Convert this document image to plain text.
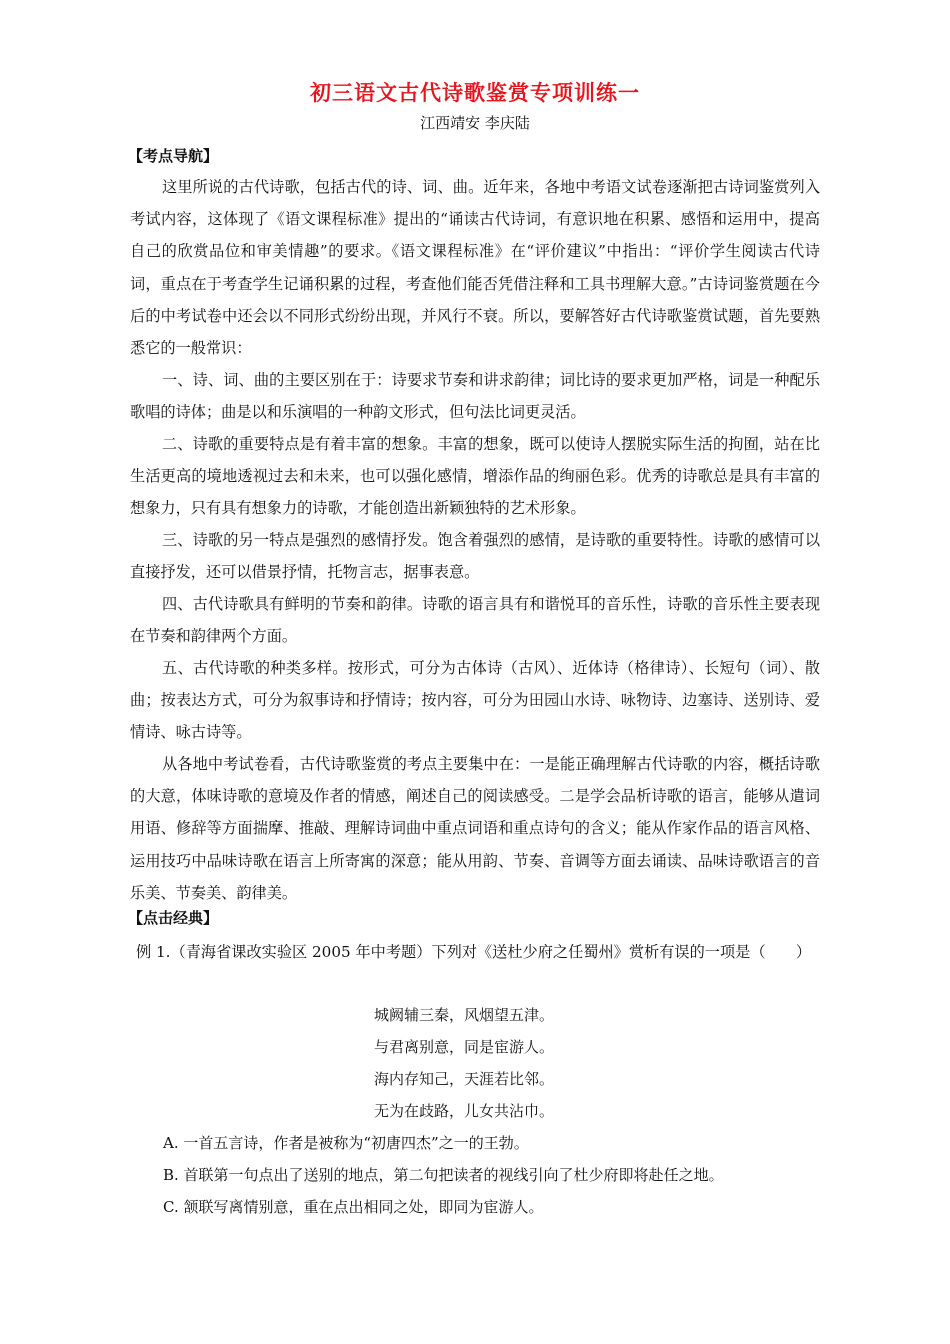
初三语文古代诗歌鉴赏专项训练一
江西靖安 李庆陆
【考点导航】

这里所说的古代诗歌，包括古代的诗、词、曲。近年来，各地中考语文试卷逐渐把古诗词鉴赏列入考试内容，这体现了《语文课程标准》提出的“诵读古代诗词，有意识地在积累、感悟和运用中，提高自己的欣赏品位和审美情趣”的要求。《语文课程标准》在“评价建议”中指出：“评价学生阅读古代诗词，重点在于考查学生记诵积累的过程，考查他们能否凭借注释和工具书理解大意。”古诗词鉴赏题在今后的中考试卷中还会以不同形式纷纷出现，并风行不衰。所以，要解答好古代诗歌鉴赏试题，首先要熟悉它的一般常识：

一、诗、词、曲的主要区别在于：诗要求节奏和讲求韵律；词比诗的要求更加严格，词是一种配乐歌唱的诗体；曲是以和乐演唱的一种韵文形式，但句法比词更灵活。

二、诗歌的重要特点是有着丰富的想象。丰富的想象，既可以使诗人摆脱实际生活的拘囿，站在比生活更高的境地透视过去和未来，也可以强化感情，增添作品的绚丽色彩。优秀的诗歌总是具有丰富的想象力，只有具有想象力的诗歌，才能创造出新颖独特的艺术形象。

三、诗歌的另一特点是强烈的感情抒发。饱含着强烈的感情，是诗歌的重要特性。诗歌的感情可以直接抒发，还可以借景抒情，托物言志，据事表意。

四、古代诗歌具有鲜明的节奏和韵律。诗歌的语言具有和谐悦耳的音乐性，诗歌的音乐性主要表现在节奏和韵律两个方面。

五、古代诗歌的种类多样。按形式，可分为古体诗（古风）、近体诗（格律诗）、长短句（词）、散曲；按表达方式，可分为叙事诗和抒情诗；按内容，可分为田园山水诗、咏物诗、边塞诗、送别诗、爱情诗、咏古诗等。

从各地中考试卷看，古代诗歌鉴赏的考点主要集中在：一是能正确理解古代诗歌的内容，概括诗歌的大意，体味诗歌的意境及作者的情感，阐述自己的阅读感受。二是学会品析诗歌的语言，能够从遣词用语、修辞等方面揣摩、推敲、理解诗词曲中重点词语和重点诗句的含义；能从作家作品的语言风格、运用技巧中品味诗歌在语言上所寄寓的深意；能从用韵、节奏、音调等方面去诵读、品味诗歌语言的音乐美、节奏美、韵律美。

【点击经典】

例 1.（青海省课改实验区 2005 年中考题）下列对《送杜少府之任蜀州》赏析有误的一项是（　　）

城阙辅三秦，风烟望五津。
与君离别意，同是宦游人。
海内存知己，天涯若比邻。
无为在歧路，儿女共沾巾。
A. 一首五言诗，作者是被称为“初唐四杰”之一的王勃。
B. 首联第一句点出了送别的地点，第二句把读者的视线引向了杜少府即将赴任之地。
C. 颔联写离情别意，重在点出相同之处，即同为宦游人。
